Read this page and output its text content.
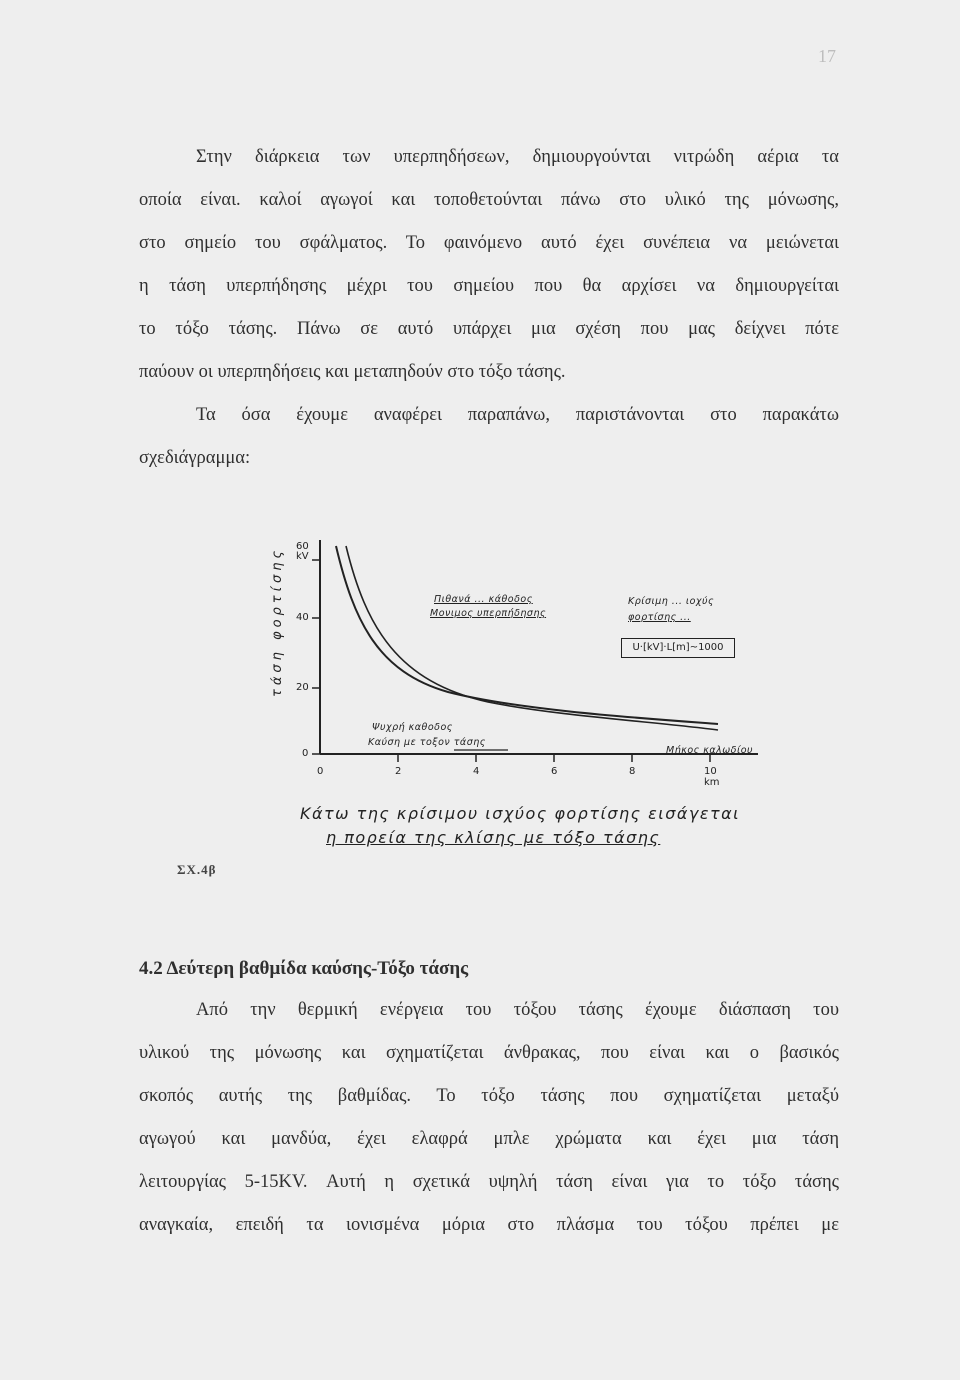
17
Στην διάρκεια των υπερπηδήσεων, δημιουργούνται νιτρώδη αέρια τα
οποία είναι. καλοί αγωγοί και τοποθετούνται πάνω στο υλικό της μόνωσης,
στο σημείο του σφάλματος. Το φαινόμενο αυτό έχει συνέπεια να μειώνεται
η τάση υπερπήδησης μέχρι του σημείου που θα αρχίσει να δημιουργείται
το τόξο τάσης. Πάνω σε αυτό υπάρχει μια σχέση που μας δείχνει πότε
παύουν οι υπερπηδήσεις και μεταπηδούν στο τόξο τάσης.
Τα όσα έχουμε αναφέρει παραπάνω, παριστάνονται στο παρακάτω
σχεδιάγραμμα:
τάση φορτίσης
60 kV
40
20
0
0	2	4	6	8	10 km
Πιθανά ... κάθοδος
Μονιμος υπερπήδησης
Κρίσιμη ... ιοχύς
φορτίσης ...
U·[kV]·L[m]~1000
Ψυχρή καθοδος
Καύση με τοξον τάσης
Μήκος καλωδίου
Κάτω της κρίσιμου ισχύος φορτίσης εισάγεται
η πορεία της κλίσης με τόξο τάσης
ΣΧ.4β
4.2 Δεύτερη βαθμίδα καύσης-Τόξο τάσης
Από την θερμική ενέργεια του τόξου τάσης έχουμε διάσπαση του
υλικού της μόνωσης και σχηματίζεται άνθρακας, που είναι και ο βασικός
σκοπός αυτής της βαθμίδας. Το τόξο τάσης που σχηματίζεται μεταξύ
αγωγού και μανδύα, έχει ελαφρά μπλε χρώματα και έχει μια τάση
λειτουργίας 5-15KV. Αυτή η σχετικά υψηλή τάση είναι για το τόξο τάσης
αναγκαία, επειδή τα ιονισμένα μόρια στο πλάσμα του τόξου πρέπει με
